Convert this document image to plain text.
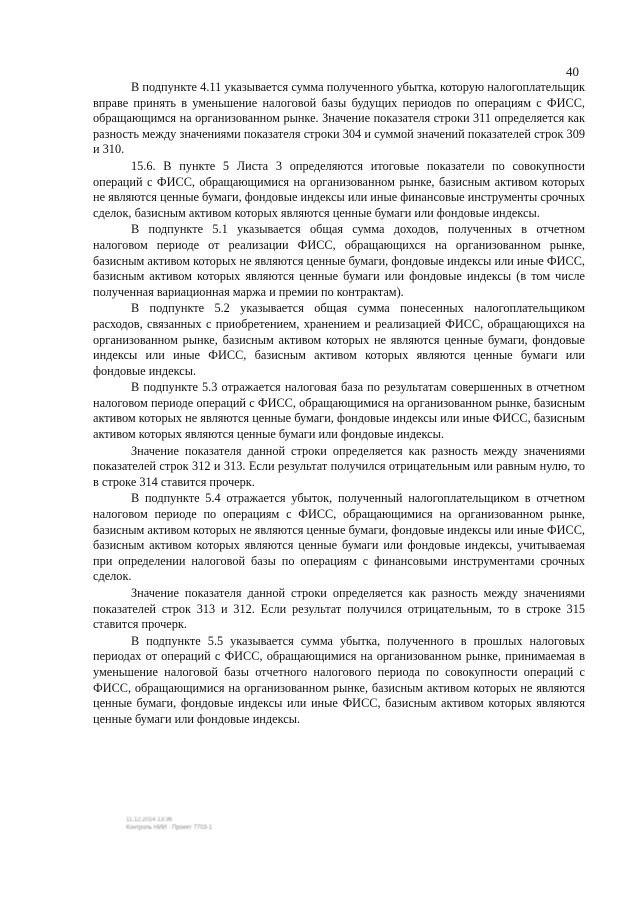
40

В подпункте 4.11 указывается сумма полученного убытка, которую налогоплательщик вправе принять в уменьшение налоговой базы будущих периодов по операциям с ФИСС, обращающимся на организованном рынке. Значение показателя строки 311 определяется как разность между значениями показателя строки 304 и суммой значений показателей строк 309 и 310.

15.6. В пункте 5 Листа 3 определяются итоговые показатели по совокупности операций с ФИСС, обращающимися на организованном рынке, базисным активом которых не являются ценные бумаги, фондовые индексы или иные финансовые инструменты срочных сделок, базисным активом которых являются ценные бумаги или фондовые индексы.

В подпункте 5.1 указывается общая сумма доходов, полученных в отчетном налоговом периоде от реализации ФИСС, обращающихся на организованном рынке, базисным активом которых не являются ценные бумаги, фондовые индексы или иные ФИСС, базисным активом которых являются ценные бумаги или фондовые индексы (в том числе полученная вариационная маржа и премии по контрактам).

В подпункте 5.2 указывается общая сумма понесенных налогоплательщиком расходов, связанных с приобретением, хранением и реализацией ФИСС, обращающихся на организованном рынке, базисным активом которых не являются ценные бумаги, фондовые индексы или иные ФИСС, базисным активом которых являются ценные бумаги или фондовые индексы.

В подпункте 5.3 отражается налоговая база по результатам совершенных в отчетном налоговом периоде операций с ФИСС, обращающимися на организованном рынке, базисным активом которых не являются ценные бумаги, фондовые индексы или иные ФИСС, базисным активом которых являются ценные бумаги или фондовые индексы.

Значение показателя данной строки определяется как разность между значениями показателей строк 312 и 313. Если результат получился отрицательным или равным нулю, то в строке 314 ставится прочерк.

В подпункте 5.4 отражается убыток, полученный налогоплательщиком в отчетном налоговом периоде по операциям с ФИСС, обращающимися на организованном рынке, базисным активом которых не являются ценные бумаги, фондовые индексы или иные ФИСС, базисным активом которых являются ценные бумаги или фондовые индексы, учитываемая при определении налоговой базы по операциям с финансовыми инструментами срочных сделок.

Значение показателя данной строки определяется как разность между значениями показателей строк 313 и 312. Если результат получился отрицательным, то в строке 315 ставится прочерк.

В подпункте 5.5 указывается сумма убытка, полученного в прошлых налоговых периодах от операций с ФИСС, обращающимися на организованном рынке, принимаемая в уменьшение налоговой базы отчетного налогового периода по совокупности операций с ФИСС, обращающимися на организованном рынке, базисным активом которых не являются ценные бумаги, фондовые индексы или иные ФИСС, базисным активом которых являются ценные бумаги или фондовые индексы.

11.12.2014 13:36
Контроль НИИ · Проект 7703-1
